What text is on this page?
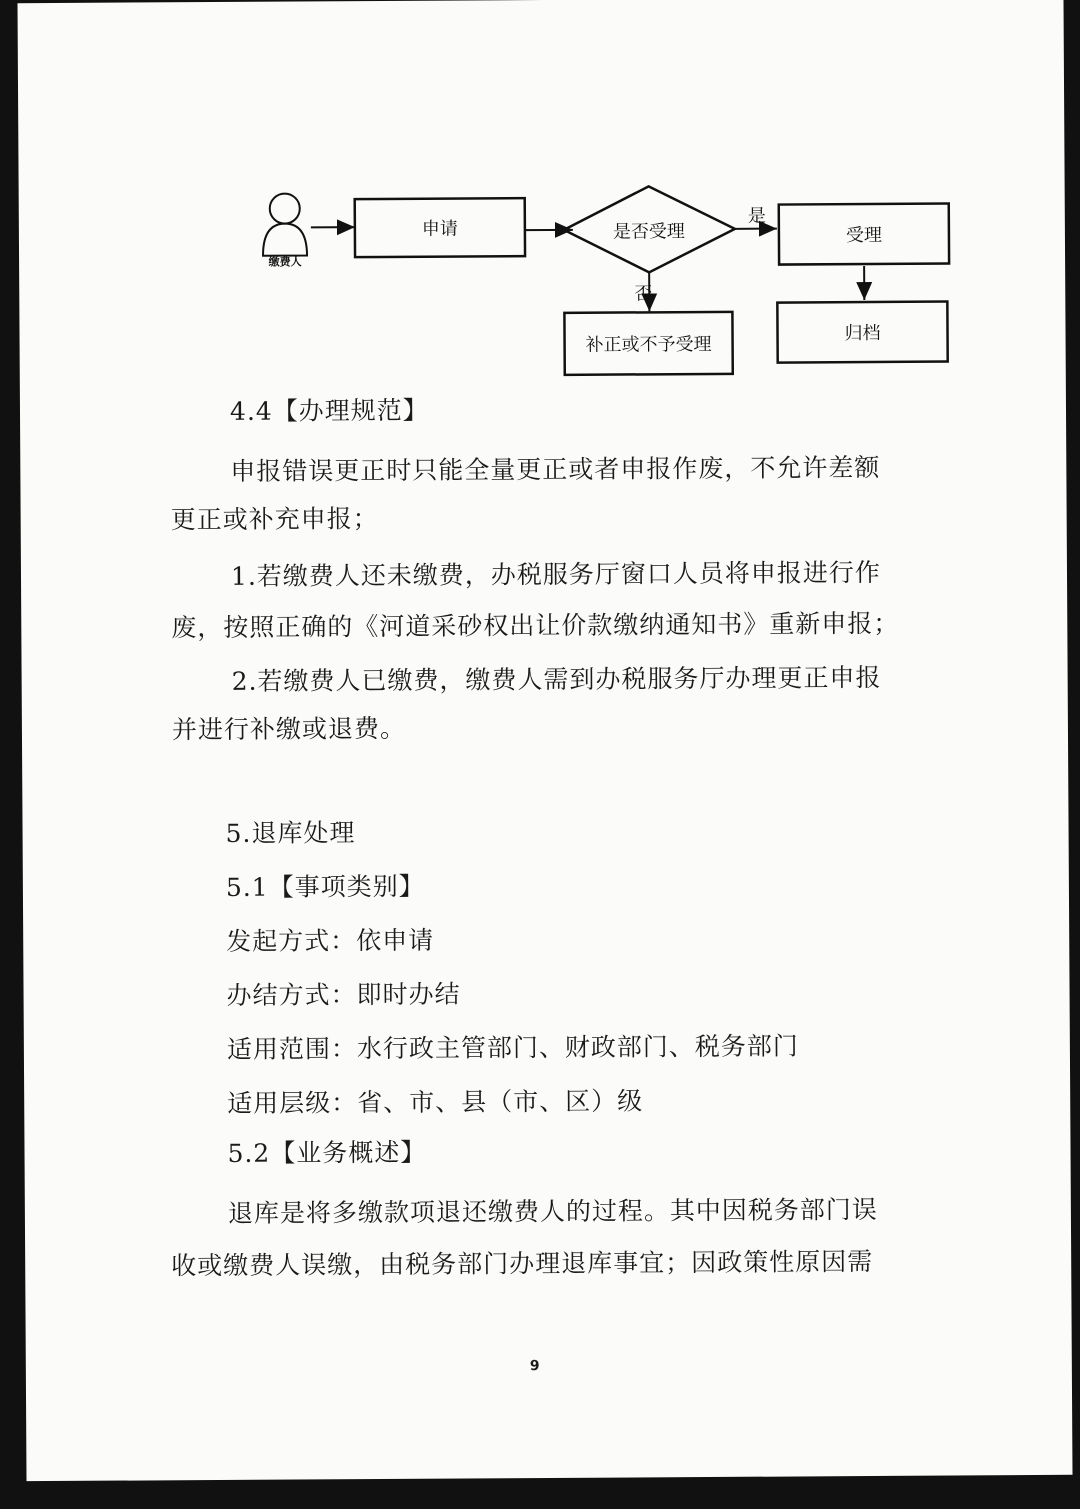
缴费人
申请	是否受理
是
否
受理
补正或不予受理
归档
4.4【办理规范】
申报错误更正时只能全量更正或者申报作废，不允许差额
更正或补充申报；
1.若缴费人还未缴费，办税服务厅窗口人员将申报进行作
废，按照正确的《河道采砂权出让价款缴纳通知书》重新申报；
2.若缴费人已缴费，缴费人需到办税服务厅办理更正申报
并进行补缴或退费。
5.退库处理
5.1【事项类别】
发起方式：依申请
办结方式：即时办结
适用范围：水行政主管部门、财政部门、税务部门
适用层级：省、市、县（市、区）级
5.2【业务概述】
退库是将多缴款项退还缴费人的过程。其中因税务部门误
收或缴费人误缴，由税务部门办理退库事宜；因政策性原因需
9
